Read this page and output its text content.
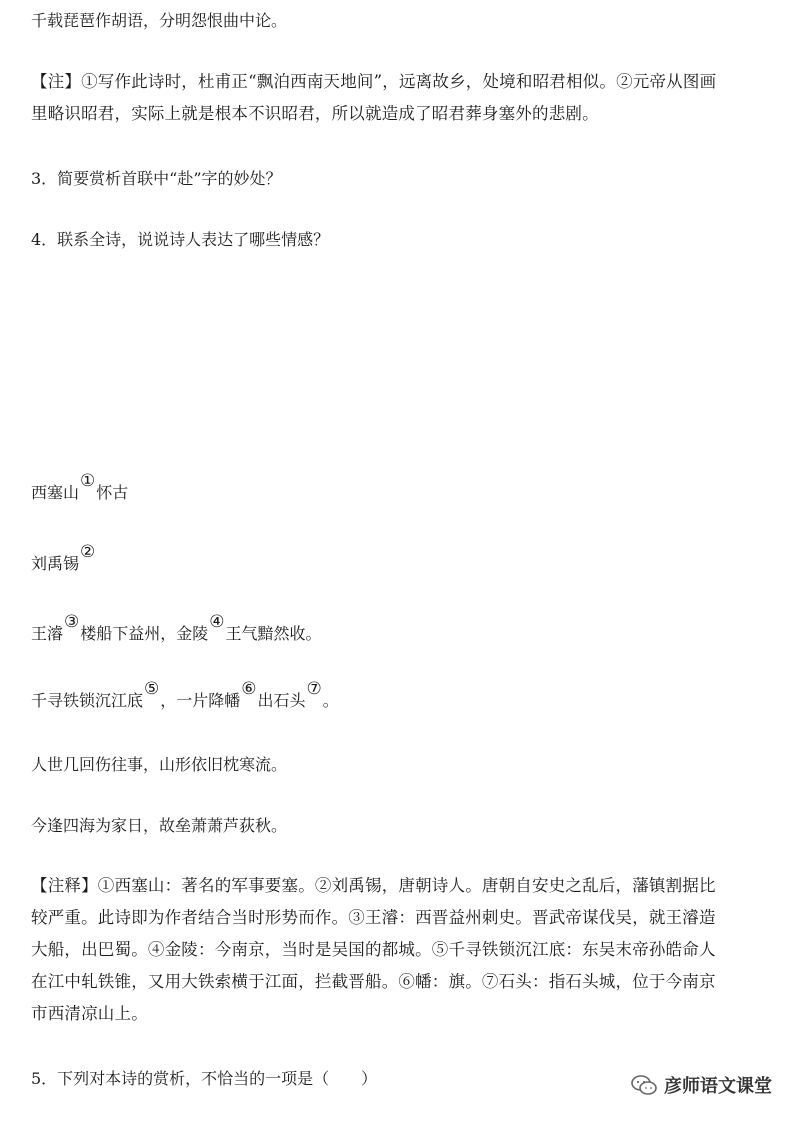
千载琵琶作胡语，分明怨恨曲中论。
【注】①写作此诗时，杜甫正“飘泊西南天地间”，远离故乡，处境和昭君相似。②元帝从图画里略识昭君，实际上就是根本不识昭君，所以就造成了昭君葬身塞外的悲剧。
3．简要赏析首联中“赴”字的妙处？
4．联系全诗，说说诗人表达了哪些情感？
西塞山①怀古
刘禹锡②
王濬③楼船下益州，金陵④王气黯然收。
千寻铁锁沉江底⑤，一片降幡⑥出石头⑦。
人世几回伤往事，山形依旧枕寒流。
今逢四海为家日，故垒萧萧芦荻秋。
【注释】①西塞山：著名的军事要塞。②刘禹锡，唐朝诗人。唐朝自安史之乱后，藩镇割据比较严重。此诗即为作者结合当时形势而作。③王濬：西晋益州刺史。晋武帝谋伐吴，就王濬造大船，出巴蜀。④金陵：今南京，当时是吴国的都城。⑤千寻铁锁沉江底：东吴末帝孙皓命人在江中轧铁锥，又用大铁索横于江面，拦截晋船。⑥幡：旗。⑦石头：指石头城，位于今南京市西清凉山上。
5．下列对本诗的赏析，不恰当的一项是（　　）	彦师语文课堂
